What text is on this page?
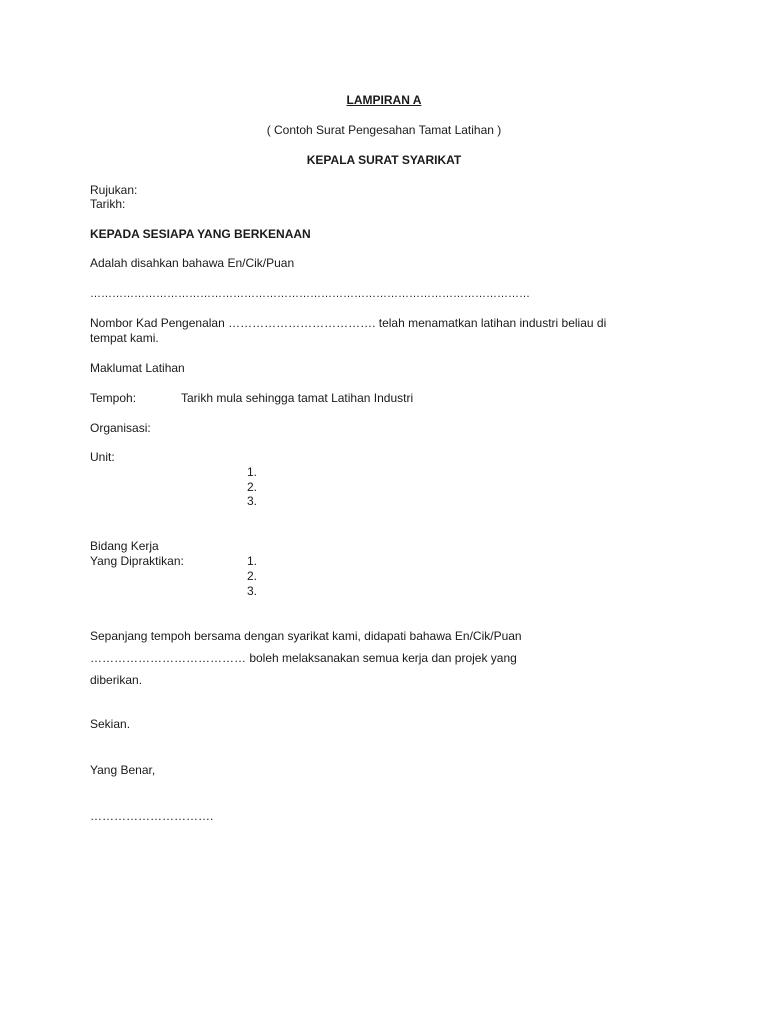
LAMPIRAN A
( Contoh Surat Pengesahan Tamat Latihan )
KEPALA SURAT SYARIKAT
Rujukan:
Tarikh:
KEPADA SESIAPA YANG BERKENAAN
Adalah disahkan bahawa En/Cik/Puan
…………………………………………………………………………………………………………
Nombor Kad Pengenalan ………………………………. telah menamatkan latihan industri beliau di
tempat kami.
Maklumat Latihan
Tempoh:	Tarikh mula sehingga tamat Latihan Industri
Organisasi:
Unit:
1.
2.
3.
Bidang Kerja
Yang Dipraktikan:	1.
2.
3.
Sepanjang tempoh bersama dengan syarikat kami, didapati bahawa En/Cik/Puan
………………………………… boleh melaksanakan semua kerja dan projek yang
diberikan.
Sekian.
Yang Benar,
………………………….
